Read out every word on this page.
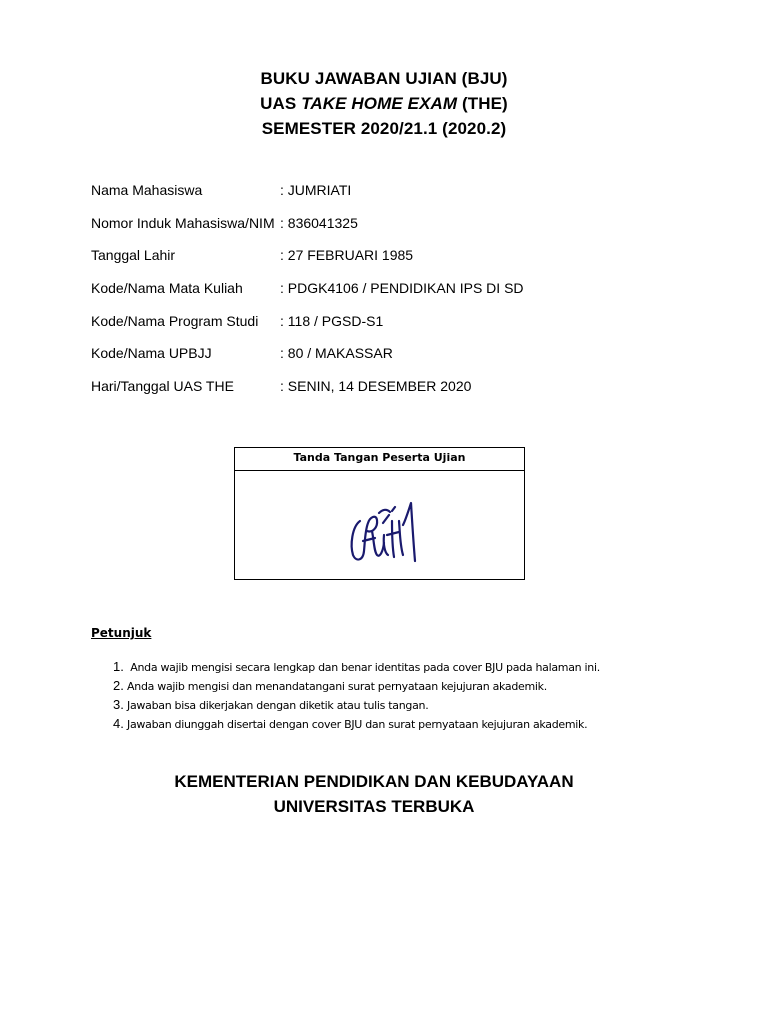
BUKU JAWABAN UJIAN (BJU)
UAS TAKE HOME EXAM (THE)
SEMESTER 2020/21.1 (2020.2)
Nama Mahasiswa	: JUMRIATI
Nomor Induk Mahasiswa/NIM : 836041325
Tanggal Lahir	: 27 FEBRUARI 1985
Kode/Nama Mata Kuliah	: PDGK4106 / PENDIDIKAN IPS DI SD
Kode/Nama Program Studi : 118 / PGSD-S1
Kode/Nama UPBJJ	: 80 / MAKASSAR
Hari/Tanggal UAS THE	: SENIN, 14 DESEMBER 2020
Tanda Tangan Peserta Ujian
Petunjuk
1. Anda wajib mengisi secara lengkap dan benar identitas pada cover BJU pada halaman ini.
2. Anda wajib mengisi dan menandatangani surat pernyataan kejujuran akademik.
3. Jawaban bisa dikerjakan dengan diketik atau tulis tangan.
4. Jawaban diunggah disertai dengan cover BJU dan surat pernyataan kejujuran akademik.
KEMENTERIAN PENDIDIKAN DAN KEBUDAYAAN
UNIVERSITAS TERBUKA
